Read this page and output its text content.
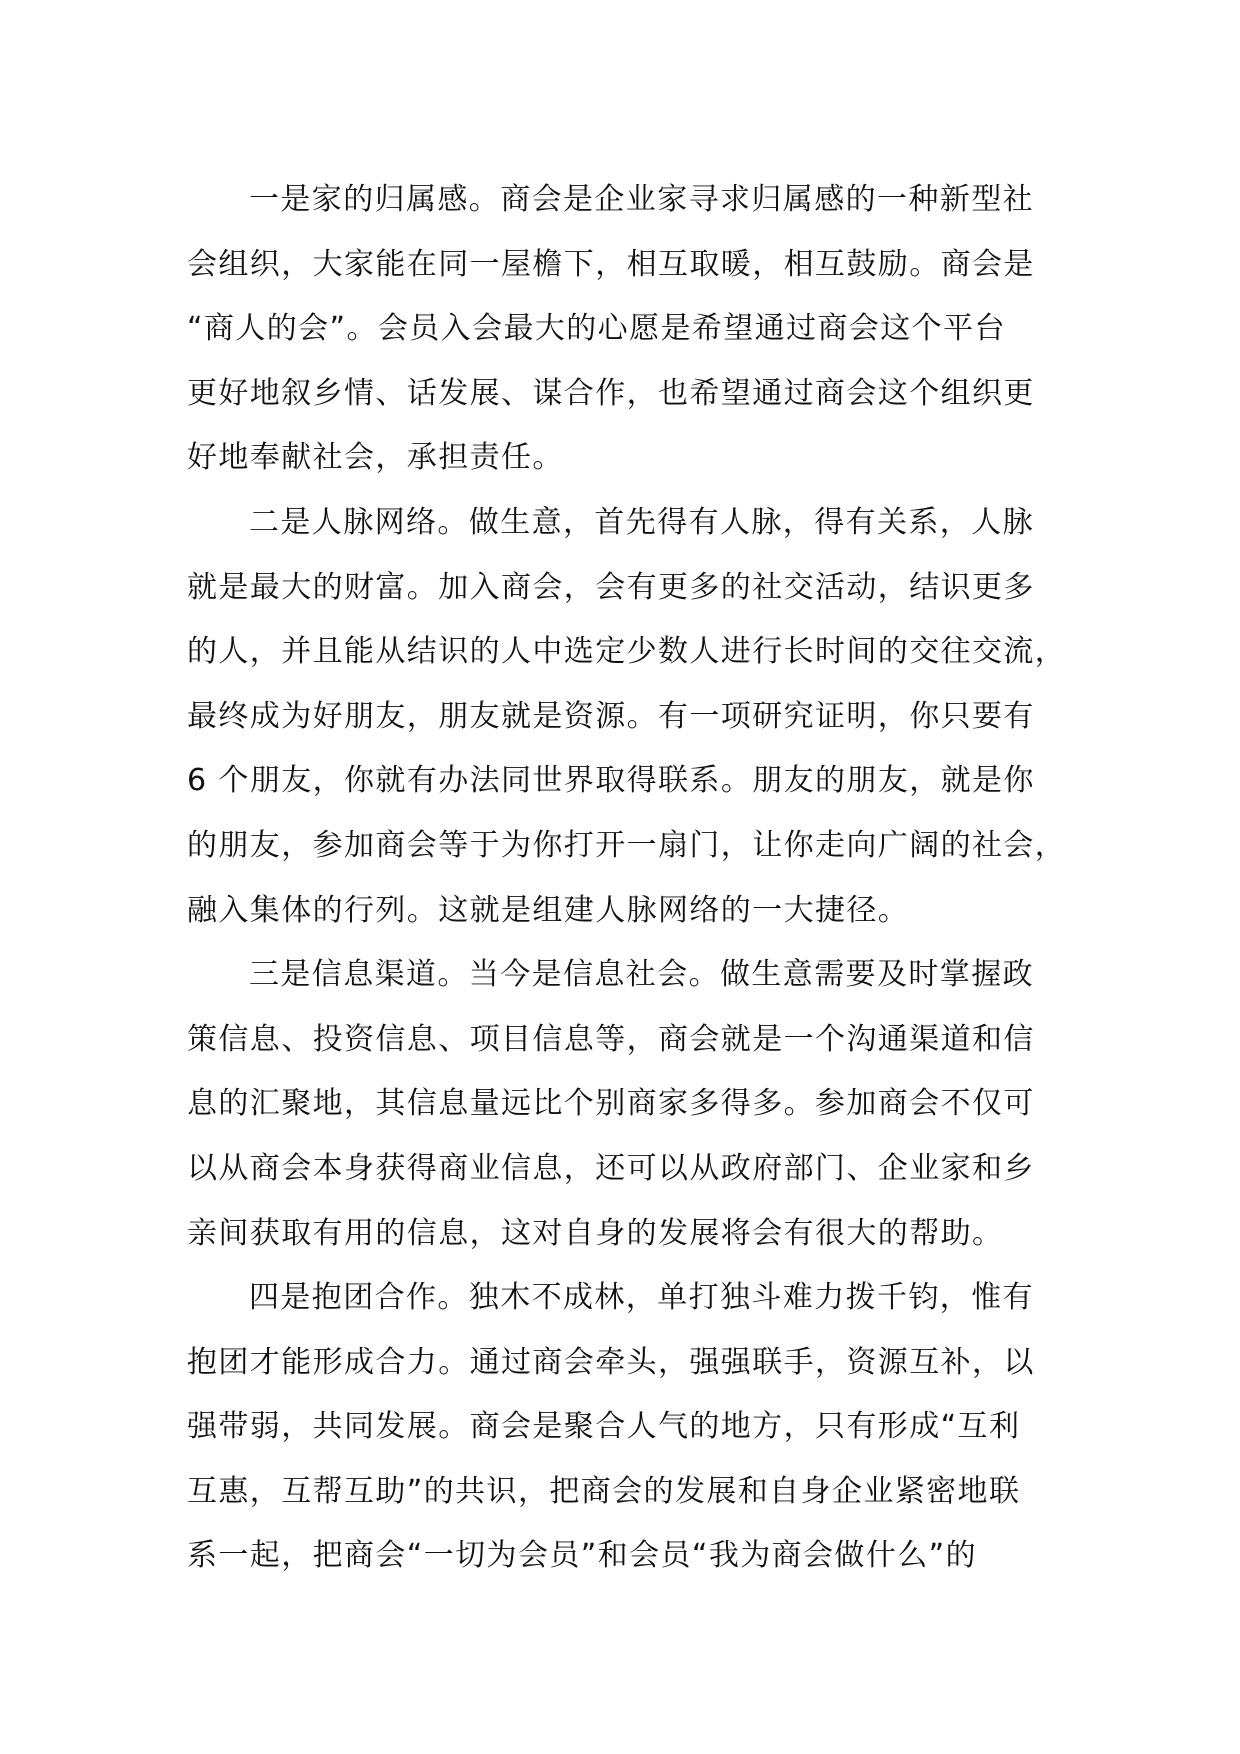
一是家的归属感。商会是企业家寻求归属感的一种新型社
会组织，大家能在同一屋檐下，相互取暖，相互鼓励。商会是
“商人的会”。会员入会最大的心愿是希望通过商会这个平台
更好地叙乡情、话发展、谋合作，也希望通过商会这个组织更
好地奉献社会，承担责任。
二是人脉网络。做生意，首先得有人脉，得有关系，人脉
就是最大的财富。加入商会，会有更多的社交活动，结识更多
的人，并且能从结识的人中选定少数人进行长时间的交往交流，
最终成为好朋友，朋友就是资源。有一项研究证明，你只要有
6 个朋友，你就有办法同世界取得联系。朋友的朋友，就是你
的朋友，参加商会等于为你打开一扇门，让你走向广阔的社会，
融入集体的行列。这就是组建人脉网络的一大捷径。
三是信息渠道。当今是信息社会。做生意需要及时掌握政
策信息、投资信息、项目信息等，商会就是一个沟通渠道和信
息的汇聚地，其信息量远比个别商家多得多。参加商会不仅可
以从商会本身获得商业信息，还可以从政府部门、企业家和乡
亲间获取有用的信息，这对自身的发展将会有很大的帮助。
四是抱团合作。独木不成林，单打独斗难力拨千钧，惟有
抱团才能形成合力。通过商会牵头，强强联手，资源互补，以
强带弱，共同发展。商会是聚合人气的地方，只有形成“互利
互惠，互帮互助”的共识，把商会的发展和自身企业紧密地联
系一起，把商会“一切为会员”和会员“我为商会做什么”的
